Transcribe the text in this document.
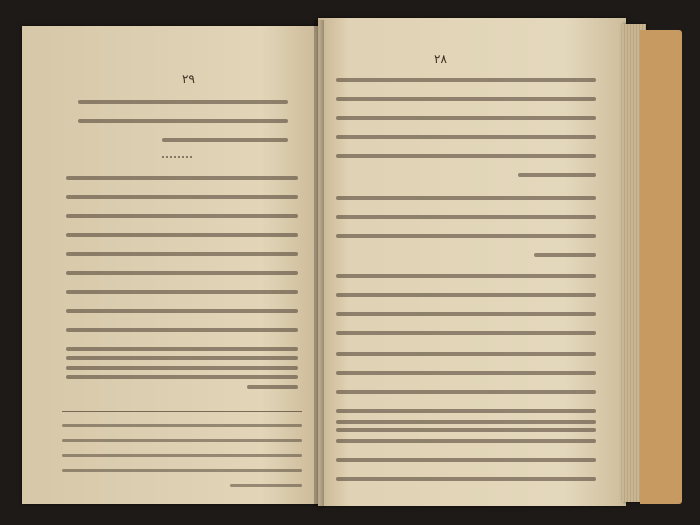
٢٩
٢٨
